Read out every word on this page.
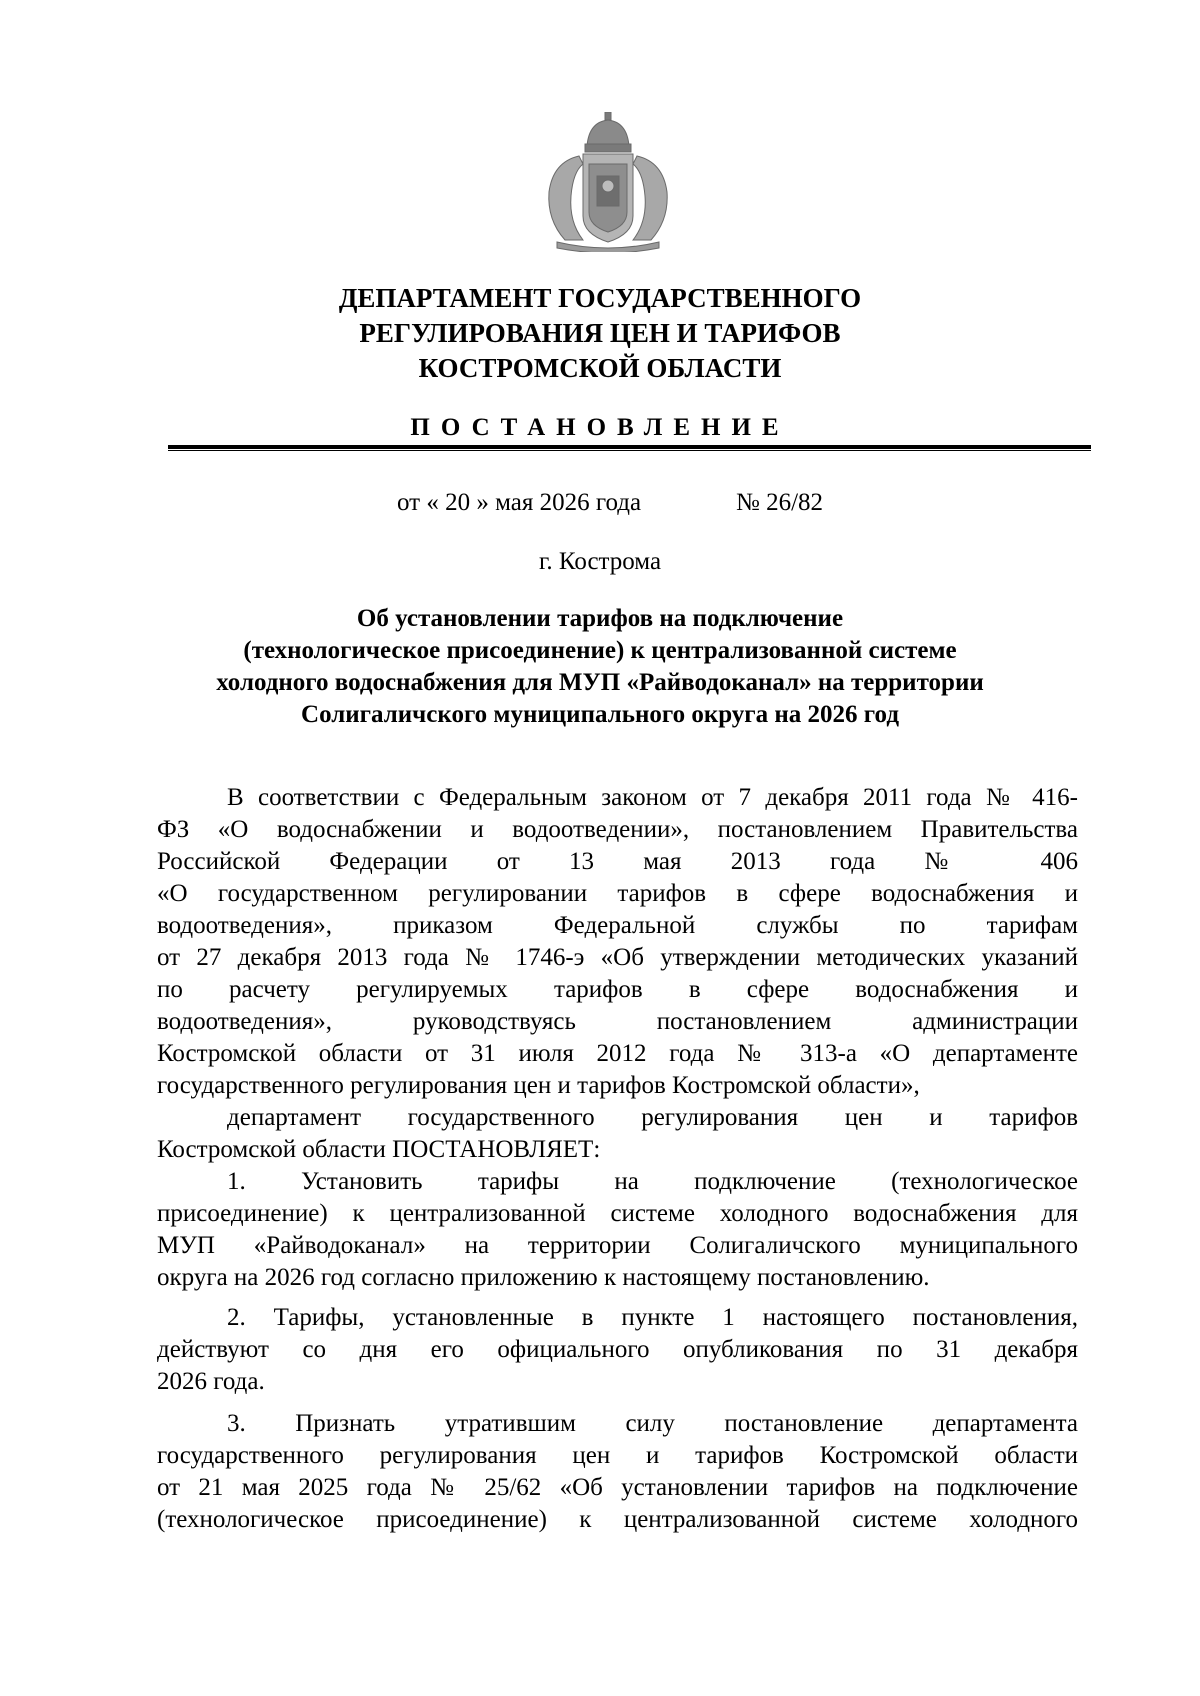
ДЕПАРТАМЕНТ ГОСУДАРСТВЕННОГО
РЕГУЛИРОВАНИЯ ЦЕН И ТАРИФОВ
КОСТРОМСКОЙ ОБЛАСТИ
ПОСТАНОВЛЕНИЕ
от « 20 » мая 2026 года	№ 26/82
г. Кострома
Об установлении тарифов на подключение
(технологическое присоединение) к централизованной системе
холодного водоснабжения для МУП «Райводоканал» на территории
Солигаличского муниципального округа на 2026 год
В соответствии с Федеральным законом от 7 декабря 2011 года № 416-
ФЗ «О водоснабжении и водоотведении», постановлением Правительства
Российской Федерации от 13 мая 2013 года № 406
«О государственном регулировании тарифов в сфере водоснабжения и
водоотведения», приказом Федеральной службы по тарифам
от 27 декабря 2013 года № 1746-э «Об утверждении методических указаний
по расчету регулируемых тарифов в сфере водоснабжения и
водоотведения», руководствуясь постановлением администрации
Костромской области от 31 июля 2012 года № 313-а «О департаменте
государственного регулирования цен и тарифов Костромской области»,
департамент государственного регулирования цен и тарифов
Костромской области ПОСТАНОВЛЯЕТ:
1. Установить тарифы на подключение (технологическое
присоединение) к централизованной системе холодного водоснабжения для
МУП «Райводоканал» на территории Солигаличского муниципального
округа на 2026 год согласно приложению к настоящему постановлению.
2. Тарифы, установленные в пункте 1 настоящего постановления,
действуют со дня его официального опубликования по 31 декабря
2026 года.
3. Признать утратившим силу постановление департамента
государственного регулирования цен и тарифов Костромской области
от 21 мая 2025 года № 25/62 «Об установлении тарифов на подключение
(технологическое присоединение) к централизованной системе холодного
